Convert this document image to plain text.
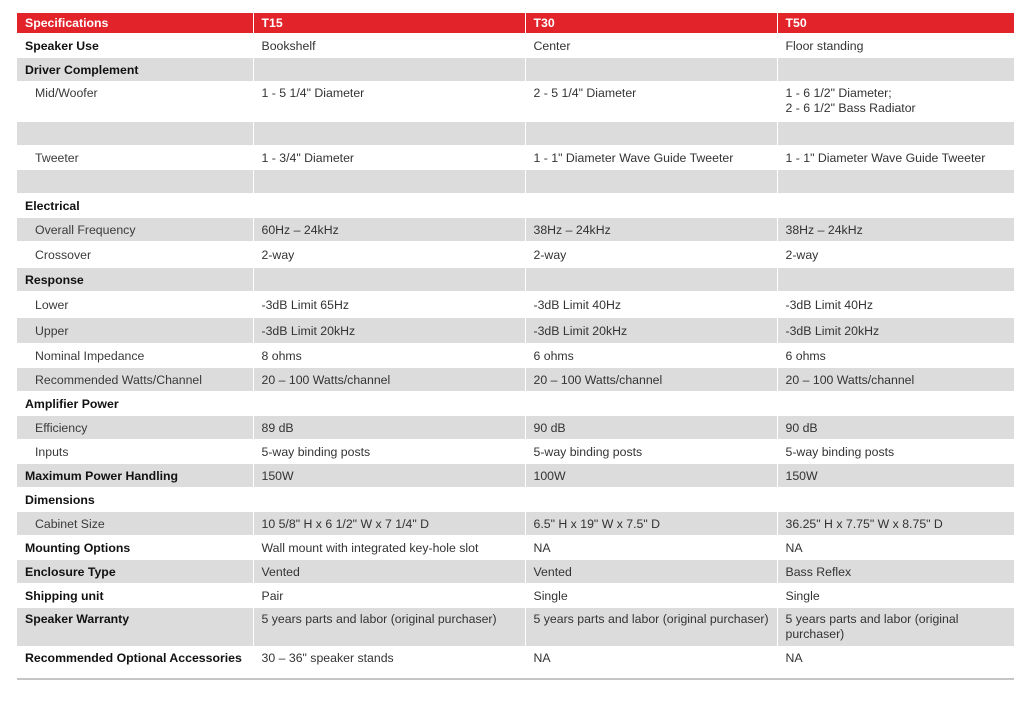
Specifications	T15	T30	T50

Speaker Use	Bookshelf	Center	Floor standing

Driver Complement			

Mid/Woofer	1 - 5 1/4" Diameter	2 - 5 1/4" Diameter	1 - 6 1/2" Diameter;
2 - 6 1/2" Bass Radiator

Tweeter	1 - 3/4" Diameter	1 - 1" Diameter Wave Guide Tweeter	1 - 1" Diameter Wave Guide Tweeter

Electrical			

Overall Frequency	60Hz – 24kHz	38Hz – 24kHz	38Hz – 24kHz

Crossover	2-way	2-way	2-way

Response			

Lower	-3dB Limit 65Hz	-3dB Limit 40Hz	-3dB Limit 40Hz

Upper	-3dB Limit 20kHz	-3dB Limit 20kHz	-3dB Limit 20kHz

Nominal Impedance	8 ohms	6 ohms	6 ohms

Recommended Watts/Channel	20 – 100 Watts/channel	20 – 100 Watts/channel	20 – 100 Watts/channel

Amplifier Power			

Efficiency	89 dB	90 dB	90 dB

Inputs	5-way binding posts	5-way binding posts	5-way binding posts

Maximum Power Handling	150W	100W	150W

Dimensions			

Cabinet Size	10 5/8" H x 6 1/2" W x 7 1/4" D	6.5" H x 19" W x 7.5" D	36.25" H x 7.75" W x 8.75" D

Mounting Options	Wall mount with integrated key-hole slot	NA	NA

Enclosure Type	Vented	Vented	Bass Reflex

Shipping unit	Pair	Single	Single

Speaker Warranty	5 years parts and labor (original purchaser)	5 years parts and labor (original purchaser)	5 years parts and labor (original purchaser)

Recommended Optional Accessories	30 – 36" speaker stands	NA	NA
